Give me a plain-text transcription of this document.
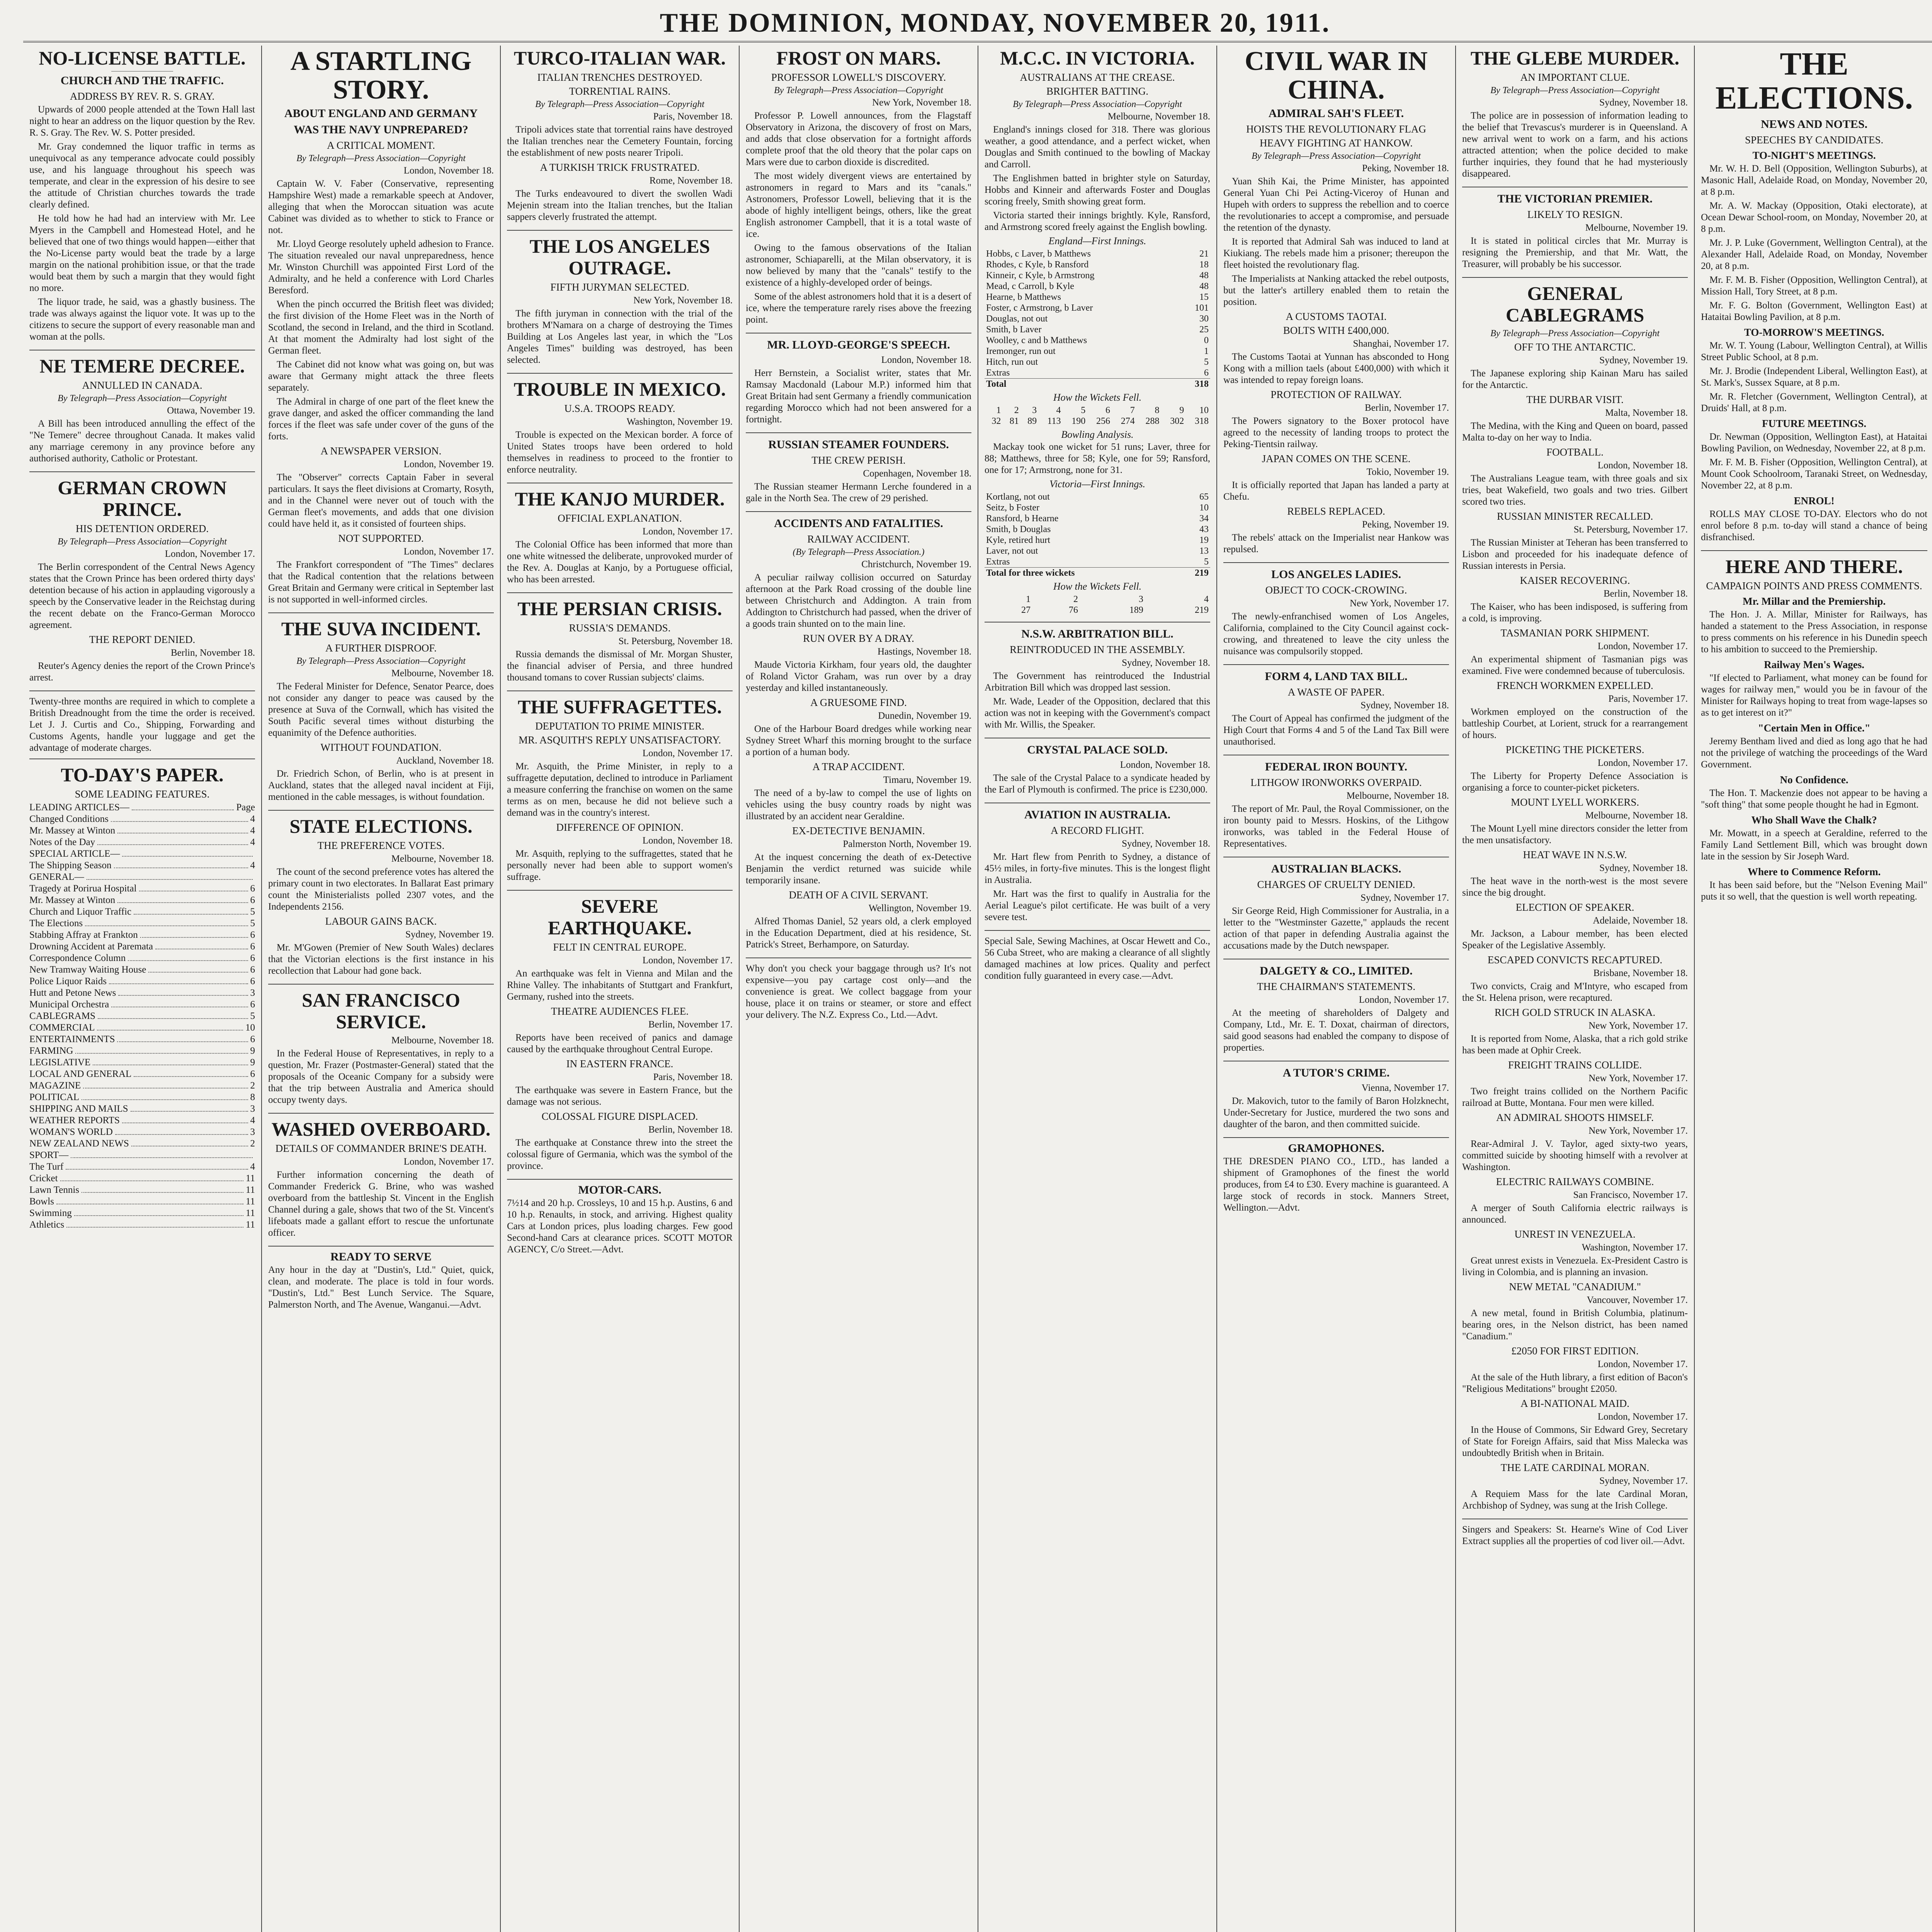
THE DOMINION, MONDAY, NOVEMBER 20, 1911.
NO-LICENSE BATTLE.
CHURCH AND THE TRAFFIC.
ADDRESS BY REV. R. S. GRAY.

Upwards of 2000 people attended at the Town Hall last night to hear an address on the liquor question by the Rev. R. S. Gray. The Rev. W. S. Potter presided.

Mr. Gray condemned the liquor traffic in terms as unequivocal as any temperance advocate could possibly use, and his language throughout his speech was temperate, and clear in the expression of his desire to see the attitude of Christian churches towards the trade clearly defined.

He told how he had had an interview with Mr. Lee Myers in the Campbell and Homestead Hotel, and he believed that one of two things would happen—either that the No-License party would beat the trade by a large margin on the national prohibition issue, or that the trade would beat them by such a margin that they would fight no more.

The liquor trade, he said, was a ghastly business. The trade was always against the liquor vote. It was up to the citizens to secure the support of every reasonable man and woman at the polls.

NE TEMERE DECREE.
ANNULLED IN CANADA.
By Telegraph—Press Association—Copyright
Ottawa, November 19.

A Bill has been introduced annulling the effect of the "Ne Temere" decree throughout Canada. It makes valid any marriage ceremony in any province before any authorised authority, Catholic or Protestant.

GERMAN CROWN PRINCE.
HIS DETENTION ORDERED.
By Telegraph—Press Association—Copyright
London, November 17.

The Berlin correspondent of the Central News Agency states that the Crown Prince has been ordered thirty days' detention because of his action in applauding vigorously a speech by the Conservative leader in the Reichstag during the recent debate on the Franco-German Morocco agreement.

THE REPORT DENIED.
Berlin, November 18.

Reuter's Agency denies the report of the Crown Prince's arrest.

Twenty-three months are required in which to complete a British Dreadnought from the time the order is received. Let J. J. Curtis and Co., Shipping, Forwarding and Customs Agents, handle your luggage and get the advantage of moderate charges.
TO-DAY'S PAPER.
SOME LEADING FEATURES.
LEADING ARTICLES—	Page
Changed Conditions	4
Mr. Massey at Winton	4
Notes of the Day	4
SPECIAL ARTICLE—
The Shipping Season	4
GENERAL—
Tragedy at Porirua Hospital	6
Mr. Massey at Winton	6
Church and Liquor Traffic	5
The Elections	5
Stabbing Affray at Frankton	6
Drowning Accident at Paremata	6
Correspondence Column	6
New Tramway Waiting House	6
Police Liquor Raids	6
Hutt and Petone News	3
Municipal Orchestra	6
CABLEGRAMS	5
COMMERCIAL	10
ENTERTAINMENTS	6
FARMING	9
LEGISLATIVE	9
LOCAL AND GENERAL	6
MAGAZINE	2
POLITICAL	8
SHIPPING AND MAILS	3
WEATHER REPORTS	4
WOMAN'S WORLD	3
NEW ZEALAND NEWS	2
SPORT—
The Turf	4
Cricket	11
Lawn Tennis	11
Bowls	11
Swimming	11
Athletics	11
A STARTLING STORY.
ABOUT ENGLAND AND GERMANY
WAS THE NAVY UNPREPARED?
A CRITICAL MOMENT.
By Telegraph—Press Association—Copyright
London, November 18.

Captain W. V. Faber (Conservative, representing Hampshire West) made a remarkable speech at Andover, alleging that when the Moroccan situation was acute Cabinet was divided as to whether to stick to France or not.

Mr. Lloyd George resolutely upheld adhesion to France. The situation revealed our naval unpreparedness, hence Mr. Winston Churchill was appointed First Lord of the Admiralty, and he held a conference with Lord Charles Beresford.

When the pinch occurred the British fleet was divided; the first division of the Home Fleet was in the North of Scotland, the second in Ireland, and the third in Scotland. At that moment the Admiralty had lost sight of the German fleet.

The Cabinet did not know what was going on, but was aware that Germany might attack the three fleets separately.

The Admiral in charge of one part of the fleet knew the grave danger, and asked the officer commanding the land forces if the fleet was safe under cover of the guns of the forts.

A NEWSPAPER VERSION.
London, November 19.

The "Observer" corrects Captain Faber in several particulars. It says the fleet divisions at Cromarty, Rosyth, and in the Channel were never out of touch with the German fleet's movements, and adds that one division could have held it, as it consisted of fourteen ships.

NOT SUPPORTED.
London, November 17.

The Frankfort correspondent of "The Times" declares that the Radical contention that the relations between Great Britain and Germany were critical in September last is not supported in well-informed circles.

THE SUVA INCIDENT.
A FURTHER DISPROOF.
By Telegraph—Press Association—Copyright
Melbourne, November 18.

The Federal Minister for Defence, Senator Pearce, does not consider any danger to peace was caused by the presence at Suva of the Cornwall, which has visited the South Pacific several times without disturbing the equanimity of the Defence authorities.

WITHOUT FOUNDATION.
Auckland, November 18.

Dr. Friedrich Schon, of Berlin, who is at present in Auckland, states that the alleged naval incident at Fiji, mentioned in the cable messages, is without foundation.

STATE ELECTIONS.
THE PREFERENCE VOTES.
Melbourne, November 18.

The count of the second preference votes has altered the primary count in two electorates. In Ballarat East primary count the Ministerialists polled 2307 votes, and the Independents 2156.

LABOUR GAINS BACK.
Sydney, November 19.

Mr. M'Gowen (Premier of New South Wales) declares that the Victorian elections is the first instance in his recollection that Labour had gone back.

SAN FRANCISCO SERVICE.
Melbourne, November 18.

In the Federal House of Representatives, in reply to a question, Mr. Frazer (Postmaster-General) stated that the proposals of the Oceanic Company for a subsidy were that the trip between Australia and America should occupy twenty days.

WASHED OVERBOARD.
DETAILS OF COMMANDER BRINE'S DEATH.
London, November 17.

Further information concerning the death of Commander Frederick G. Brine, who was washed overboard from the battleship St. Vincent in the English Channel during a gale, shows that two of the St. Vincent's lifeboats made a gallant effort to rescue the unfortunate officer.

READY TO SERVE
Any hour in the day at "Dustin's, Ltd." Quiet, quick, clean, and moderate. The place is told in four words. "Dustin's, Ltd." Best Lunch Service. The Square, Palmerston North, and The Avenue, Wanganui.—Advt.
TURCO-ITALIAN WAR.
ITALIAN TRENCHES DESTROYED.
TORRENTIAL RAINS.
By Telegraph—Press Association—Copyright
Paris, November 18.

Tripoli advices state that torrential rains have destroyed the Italian trenches near the Cemetery Fountain, forcing the establishment of new posts nearer Tripoli.

A TURKISH TRICK FRUSTRATED.
Rome, November 18.

The Turks endeavoured to divert the swollen Wadi Mejenin stream into the Italian trenches, but the Italian sappers cleverly frustrated the attempt.

THE LOS ANGELES OUTRAGE.
FIFTH JURYMAN SELECTED.
New York, November 18.

The fifth juryman in connection with the trial of the brothers M'Namara on a charge of destroying the Times Building at Los Angeles last year, in which the "Los Angeles Times" building was destroyed, has been selected.

TROUBLE IN MEXICO.
U.S.A. TROOPS READY.
Washington, November 19.

Trouble is expected on the Mexican border. A force of United States troops have been ordered to hold themselves in readiness to proceed to the frontier to enforce neutrality.

THE KANJO MURDER.
OFFICIAL EXPLANATION.
London, November 17.

The Colonial Office has been informed that more than one white witnessed the deliberate, unprovoked murder of the Rev. A. Douglas at Kanjo, by a Portuguese official, who has been arrested.

THE PERSIAN CRISIS.
RUSSIA'S DEMANDS.
St. Petersburg, November 18.

Russia demands the dismissal of Mr. Morgan Shuster, the financial adviser of Persia, and three hundred thousand tomans to cover Russian subjects' claims.

THE SUFFRAGETTES.
DEPUTATION TO PRIME MINISTER.
MR. ASQUITH'S REPLY UNSATISFACTORY.
London, November 17.

Mr. Asquith, the Prime Minister, in reply to a suffragette deputation, declined to introduce in Parliament a measure conferring the franchise on women on the same terms as on men, because he did not believe such a demand was in the country's interest.

DIFFERENCE OF OPINION.
London, November 18.

Mr. Asquith, replying to the suffragettes, stated that he personally never had been able to support women's suffrage.

SEVERE EARTHQUAKE.
FELT IN CENTRAL EUROPE.
London, November 17.

An earthquake was felt in Vienna and Milan and the Rhine Valley. The inhabitants of Stuttgart and Frankfurt, Germany, rushed into the streets.

THEATRE AUDIENCES FLEE.
Berlin, November 17.

Reports have been received of panics and damage caused by the earthquake throughout Central Europe.

IN EASTERN FRANCE.
Paris, November 18.

The earthquake was severe in Eastern France, but the damage was not serious.

COLOSSAL FIGURE DISPLACED.
Berlin, November 18.

The earthquake at Constance threw into the street the colossal figure of Germania, which was the symbol of the province.

MOTOR-CARS.
7½14 and 20 h.p. Crossleys, 10 and 15 h.p. Austins, 6 and 10 h.p. Renaults, in stock, and arriving. Highest quality Cars at London prices, plus loading charges. Few good Second-hand Cars at clearance prices. SCOTT MOTOR AGENCY, C/o Street.—Advt.
FROST ON MARS.
PROFESSOR LOWELL'S DISCOVERY.
By Telegraph—Press Association—Copyright
New York, November 18.

Professor P. Lowell announces, from the Flagstaff Observatory in Arizona, the discovery of frost on Mars, and adds that close observation for a fortnight affords complete proof that the old theory that the polar caps on Mars were due to carbon dioxide is discredited.

The most widely divergent views are entertained by astronomers in regard to Mars and its "canals." Astronomers, Professor Lowell, believing that it is the abode of highly intelligent beings, others, like the great English astronomer Campbell, that it is a total waste of ice.

Owing to the famous observations of the Italian astronomer, Schiaparelli, at the Milan observatory, it is now believed by many that the "canals" testify to the existence of a highly-developed order of beings.

Some of the ablest astronomers hold that it is a desert of ice, where the temperature rarely rises above the freezing point.

MR. LLOYD-GEORGE'S SPEECH.
London, November 18.

Herr Bernstein, a Socialist writer, states that Mr. Ramsay Macdonald (Labour M.P.) informed him that Great Britain had sent Germany a friendly communication regarding Morocco which had not been answered for a fortnight.

RUSSIAN STEAMER FOUNDERS.
THE CREW PERISH.
Copenhagen, November 18.

The Russian steamer Hermann Lerche foundered in a gale in the North Sea. The crew of 29 perished.

ACCIDENTS AND FATALITIES.
RAILWAY ACCIDENT.
(By Telegraph—Press Association.)
Christchurch, November 19.

A peculiar railway collision occurred on Saturday afternoon at the Park Road crossing of the double line between Christchurch and Addington. A train from Addington to Christchurch had passed, when the driver of a goods train shunted on to the main line.

RUN OVER BY A DRAY.
Hastings, November 18.

Maude Victoria Kirkham, four years old, the daughter of Roland Victor Graham, was run over by a dray yesterday and killed instantaneously.

A GRUESOME FIND.
Dunedin, November 19.

One of the Harbour Board dredges while working near Sydney Street Wharf this morning brought to the surface a portion of a human body.

A TRAP ACCIDENT.
Timaru, November 19.

The need of a by-law to compel the use of lights on vehicles using the busy country roads by night was illustrated by an accident near Geraldine.

EX-DETECTIVE BENJAMIN.
Palmerston North, November 19.

At the inquest concerning the death of ex-Detective Benjamin the verdict returned was suicide while temporarily insane.

DEATH OF A CIVIL SERVANT.
Wellington, November 19.

Alfred Thomas Daniel, 52 years old, a clerk employed in the Education Department, died at his residence, St. Patrick's Street, Berhampore, on Saturday.

Why don't you check your baggage through us? It's not expensive—you pay cartage cost only—and the convenience is great. We collect baggage from your house, place it on trains or steamer, or store and effect your delivery. The N.Z. Express Co., Ltd.—Advt.
M.C.C. IN VICTORIA.
AUSTRALIANS AT THE CREASE.
BRIGHTER BATTING.
By Telegraph—Press Association—Copyright
Melbourne, November 18.

England's innings closed for 318. There was glorious weather, a good attendance, and a perfect wicket, when Douglas and Smith continued to the bowling of Mackay and Carroll.

The Englishmen batted in brighter style on Saturday, Hobbs and Kinneir and afterwards Foster and Douglas scoring freely, Smith showing great form.

Victoria started their innings brightly. Kyle, Ransford, and Armstrong scored freely against the English bowling.

England—First Innings.
Hobbs, c Laver, b Matthews	21
Rhodes, c Kyle, b Ransford	18
Kinneir, c Kyle, b Armstrong	48
Mead, c Carroll, b Kyle	48
Hearne, b Matthews	15
Foster, c Armstrong, b Laver	101
Douglas, not out	30
Smith, b Laver	25
Woolley, c and b Matthews	0
Iremonger, run out	1
Hitch, run out	5
Extras	6
Total	318
How the Wickets Fell.
1	2	3	4	5	6	7	8	9	10
32	81	89	113	190	256	274	288	302	318
Bowling Analysis.

Mackay took one wicket for 51 runs; Laver, three for 88; Matthews, three for 58; Kyle, one for 59; Ransford, one for 17; Armstrong, none for 31.

Victoria—First Innings.
Kortlang, not out	65
Seitz, b Foster	10
Ransford, b Hearne	34
Smith, b Douglas	43
Kyle, retired hurt	19
Laver, not out	13
Extras	5
Total for three wickets	219
How the Wickets Fell.
1	2	3	4
27	76	189	219
N.S.W. ARBITRATION BILL.
REINTRODUCED IN THE ASSEMBLY.
Sydney, November 18.

The Government has reintroduced the Industrial Arbitration Bill which was dropped last session.

Mr. Wade, Leader of the Opposition, declared that this action was not in keeping with the Government's compact with Mr. Willis, the Speaker.

CRYSTAL PALACE SOLD.
London, November 18.

The sale of the Crystal Palace to a syndicate headed by the Earl of Plymouth is confirmed. The price is £230,000.

AVIATION IN AUSTRALIA.
A RECORD FLIGHT.
Sydney, November 18.

Mr. Hart flew from Penrith to Sydney, a distance of 45½ miles, in forty-five minutes. This is the longest flight in Australia.

Mr. Hart was the first to qualify in Australia for the Aerial League's pilot certificate. He was built of a very severe test.

Special Sale, Sewing Machines, at Oscar Hewett and Co., 56 Cuba Street, who are making a clearance of all slightly damaged machines at low prices. Quality and perfect condition fully guaranteed in every case.—Advt.
CIVIL WAR IN CHINA.
ADMIRAL SAH'S FLEET.
HOISTS THE REVOLUTIONARY FLAG
HEAVY FIGHTING AT HANKOW.
By Telegraph—Press Association—Copyright
Peking, November 18.

Yuan Shih Kai, the Prime Minister, has appointed General Yuan Chi Pei Acting-Viceroy of Hunan and Hupeh with orders to suppress the rebellion and to coerce the revolutionaries to accept a compromise, and persuade the retention of the dynasty.

It is reported that Admiral Sah was induced to land at Kiukiang. The rebels made him a prisoner; thereupon the fleet hoisted the revolutionary flag.

The Imperialists at Nanking attacked the rebel outposts, but the latter's artillery enabled them to retain the position.

A CUSTOMS TAOTAI.
BOLTS WITH £400,000.
Shanghai, November 17.

The Customs Taotai at Yunnan has absconded to Hong Kong with a million taels (about £400,000) with which it was intended to repay foreign loans.

PROTECTION OF RAILWAY.
Berlin, November 17.

The Powers signatory to the Boxer protocol have agreed to the necessity of landing troops to protect the Peking-Tientsin railway.

JAPAN COMES ON THE SCENE.
Tokio, November 19.

It is officially reported that Japan has landed a party at Chefu.

REBELS REPLACED.
Peking, November 19.

The rebels' attack on the Imperialist near Hankow was repulsed.

LOS ANGELES LADIES.
OBJECT TO COCK-CROWING.
New York, November 17.

The newly-enfranchised women of Los Angeles, California, complained to the City Council against cock-crowing, and threatened to leave the city unless the nuisance was compulsorily stopped.

FORM 4, LAND TAX BILL.
A WASTE OF PAPER.
Sydney, November 18.

The Court of Appeal has confirmed the judgment of the High Court that Forms 4 and 5 of the Land Tax Bill were unauthorised.

FEDERAL IRON BOUNTY.
LITHGOW IRONWORKS OVERPAID.
Melbourne, November 18.

The report of Mr. Paul, the Royal Commissioner, on the iron bounty paid to Messrs. Hoskins, of the Lithgow ironworks, was tabled in the Federal House of Representatives.

AUSTRALIAN BLACKS.
CHARGES OF CRUELTY DENIED.
Sydney, November 17.

Sir George Reid, High Commissioner for Australia, in a letter to the "Westminster Gazette," applauds the recent action of that paper in defending Australia against the accusations made by the Dutch newspaper.

DALGETY & CO., LIMITED.
THE CHAIRMAN'S STATEMENTS.
London, November 17.

At the meeting of shareholders of Dalgety and Company, Ltd., Mr. E. T. Doxat, chairman of directors, said good seasons had enabled the company to dispose of properties.

A TUTOR'S CRIME.
Vienna, November 17.

Dr. Makovich, tutor to the family of Baron Holzknecht, Under-Secretary for Justice, murdered the two sons and daughter of the baron, and then committed suicide.

GRAMOPHONES.
THE DRESDEN PIANO CO., LTD., has landed a shipment of Gramophones of the finest the world produces, from £4 to £30. Every machine is guaranteed. A large stock of records in stock. Manners Street, Wellington.—Advt.
THE GLEBE MURDER.
AN IMPORTANT CLUE.
By Telegraph—Press Association—Copyright
Sydney, November 18.

The police are in possession of information leading to the belief that Trevascus's murderer is in Queensland. A new arrival went to work on a farm, and his actions attracted attention; when the police decided to make further inquiries, they found that he had mysteriously disappeared.

THE VICTORIAN PREMIER.
LIKELY TO RESIGN.
Melbourne, November 19.

It is stated in political circles that Mr. Murray is resigning the Premiership, and that Mr. Watt, the Treasurer, will probably be his successor.

GENERAL CABLEGRAMS
By Telegraph—Press Association—Copyright
OFF TO THE ANTARCTIC.
Sydney, November 19.

The Japanese exploring ship Kainan Maru has sailed for the Antarctic.

THE DURBAR VISIT.
Malta, November 18.

The Medina, with the King and Queen on board, passed Malta to-day on her way to India.

FOOTBALL.
London, November 18.

The Australians League team, with three goals and six tries, beat Wakefield, two goals and two tries. Gilbert scored two tries.

RUSSIAN MINISTER RECALLED.
St. Petersburg, November 17.

The Russian Minister at Teheran has been transferred to Lisbon and proceeded for his inadequate defence of Russian interests in Persia.

KAISER RECOVERING.
Berlin, November 18.

The Kaiser, who has been indisposed, is suffering from a cold, is improving.

TASMANIAN PORK SHIPMENT.
London, November 17.

An experimental shipment of Tasmanian pigs was examined. Five were condemned because of tuberculosis.

FRENCH WORKMEN EXPELLED.
Paris, November 17.

Workmen employed on the construction of the battleship Courbet, at Lorient, struck for a rearrangement of hours.

PICKETING THE PICKETERS.
London, November 17.

The Liberty for Property Defence Association is organising a force to counter-picket picketers.

MOUNT LYELL WORKERS.
Melbourne, November 18.

The Mount Lyell mine directors consider the letter from the men unsatisfactory.

HEAT WAVE IN N.S.W.
Sydney, November 18.

The heat wave in the north-west is the most severe since the big drought.

ELECTION OF SPEAKER.
Adelaide, November 18.

Mr. Jackson, a Labour member, has been elected Speaker of the Legislative Assembly.

ESCAPED CONVICTS RECAPTURED.
Brisbane, November 18.

Two convicts, Craig and M'Intyre, who escaped from the St. Helena prison, were recaptured.

RICH GOLD STRUCK IN ALASKA.
New York, November 17.

It is reported from Nome, Alaska, that a rich gold strike has been made at Ophir Creek.

FREIGHT TRAINS COLLIDE.
New York, November 17.

Two freight trains collided on the Northern Pacific railroad at Butte, Montana. Four men were killed.

AN ADMIRAL SHOOTS HIMSELF.
New York, November 17.

Rear-Admiral J. V. Taylor, aged sixty-two years, committed suicide by shooting himself with a revolver at Washington.

ELECTRIC RAILWAYS COMBINE.
San Francisco, November 17.

A merger of South California electric railways is announced.

UNREST IN VENEZUELA.
Washington, November 17.

Great unrest exists in Venezuela. Ex-President Castro is living in Colombia, and is planning an invasion.

NEW METAL "CANADIUM."
Vancouver, November 17.

A new metal, found in British Columbia, platinum-bearing ores, in the Nelson district, has been named "Canadium."

£2050 FOR FIRST EDITION.
London, November 17.

At the sale of the Huth library, a first edition of Bacon's "Religious Meditations" brought £2050.

A BI-NATIONAL MAID.
London, November 17.

In the House of Commons, Sir Edward Grey, Secretary of State for Foreign Affairs, said that Miss Malecka was undoubtedly British when in Britain.

THE LATE CARDINAL MORAN.
Sydney, November 17.

A Requiem Mass for the late Cardinal Moran, Archbishop of Sydney, was sung at the Irish College.

Singers and Speakers: St. Hearne's Wine of Cod Liver Extract supplies all the properties of cod liver oil.—Advt.
THE ELECTIONS.
NEWS AND NOTES.
SPEECHES BY CANDIDATES.
TO-NIGHT'S MEETINGS.

Mr. W. H. D. Bell (Opposition, Wellington Suburbs), at Masonic Hall, Adelaide Road, on Monday, November 20, at 8 p.m.

Mr. A. W. Mackay (Opposition, Otaki electorate), at Ocean Dewar School-room, on Monday, November 20, at 8 p.m.

Mr. J. P. Luke (Government, Wellington Central), at the Alexander Hall, Adelaide Road, on Monday, November 20, at 8 p.m.

Mr. F. M. B. Fisher (Opposition, Wellington Central), at Mission Hall, Tory Street, at 8 p.m.

Mr. F. G. Bolton (Government, Wellington East) at Hataitai Bowling Pavilion, at 8 p.m.

TO-MORROW'S MEETINGS.

Mr. W. T. Young (Labour, Wellington Central), at Willis Street Public School, at 8 p.m.

Mr. J. Brodie (Independent Liberal, Wellington East), at St. Mark's, Sussex Square, at 8 p.m.

Mr. R. Fletcher (Government, Wellington Central), at Druids' Hall, at 8 p.m.

FUTURE MEETINGS.

Dr. Newman (Opposition, Wellington East), at Hataitai Bowling Pavilion, on Wednesday, November 22, at 8 p.m.

Mr. F. M. B. Fisher (Opposition, Wellington Central), at Mount Cook Schoolroom, Taranaki Street, on Wednesday, November 22, at 8 p.m.

ENROL!

ROLLS MAY CLOSE TO-DAY. Electors who do not enrol before 8 p.m. to-day will stand a chance of being disfranchised.

HERE AND THERE.
CAMPAIGN POINTS AND PRESS COMMENTS.
Mr. Millar and the Premiership.

The Hon. J. A. Millar, Minister for Railways, has handed a statement to the Press Association, in response to press comments on his reference in his Dunedin speech to his ambition to succeed to the Premiership.

Railway Men's Wages.

"If elected to Parliament, what money can be found for wages for railway men," would you be in favour of the Minister for Railways hoping to treat from wage-lapses so as to get interest on it?"

"Certain Men in Office."

Jeremy Bentham lived and died as long ago that he had not the privilege of watching the proceedings of the Ward Government.

No Confidence.

The Hon. T. Mackenzie does not appear to be having a "soft thing" that some people thought he had in Egmont.

Who Shall Wave the Chalk?

Mr. Mowatt, in a speech at Geraldine, referred to the Family Land Settlement Bill, which was brought down late in the session by Sir Joseph Ward.

Where to Commence Reform.

It has been said before, but the "Nelson Evening Mail" puts it so well, that the question is well worth repeating.
